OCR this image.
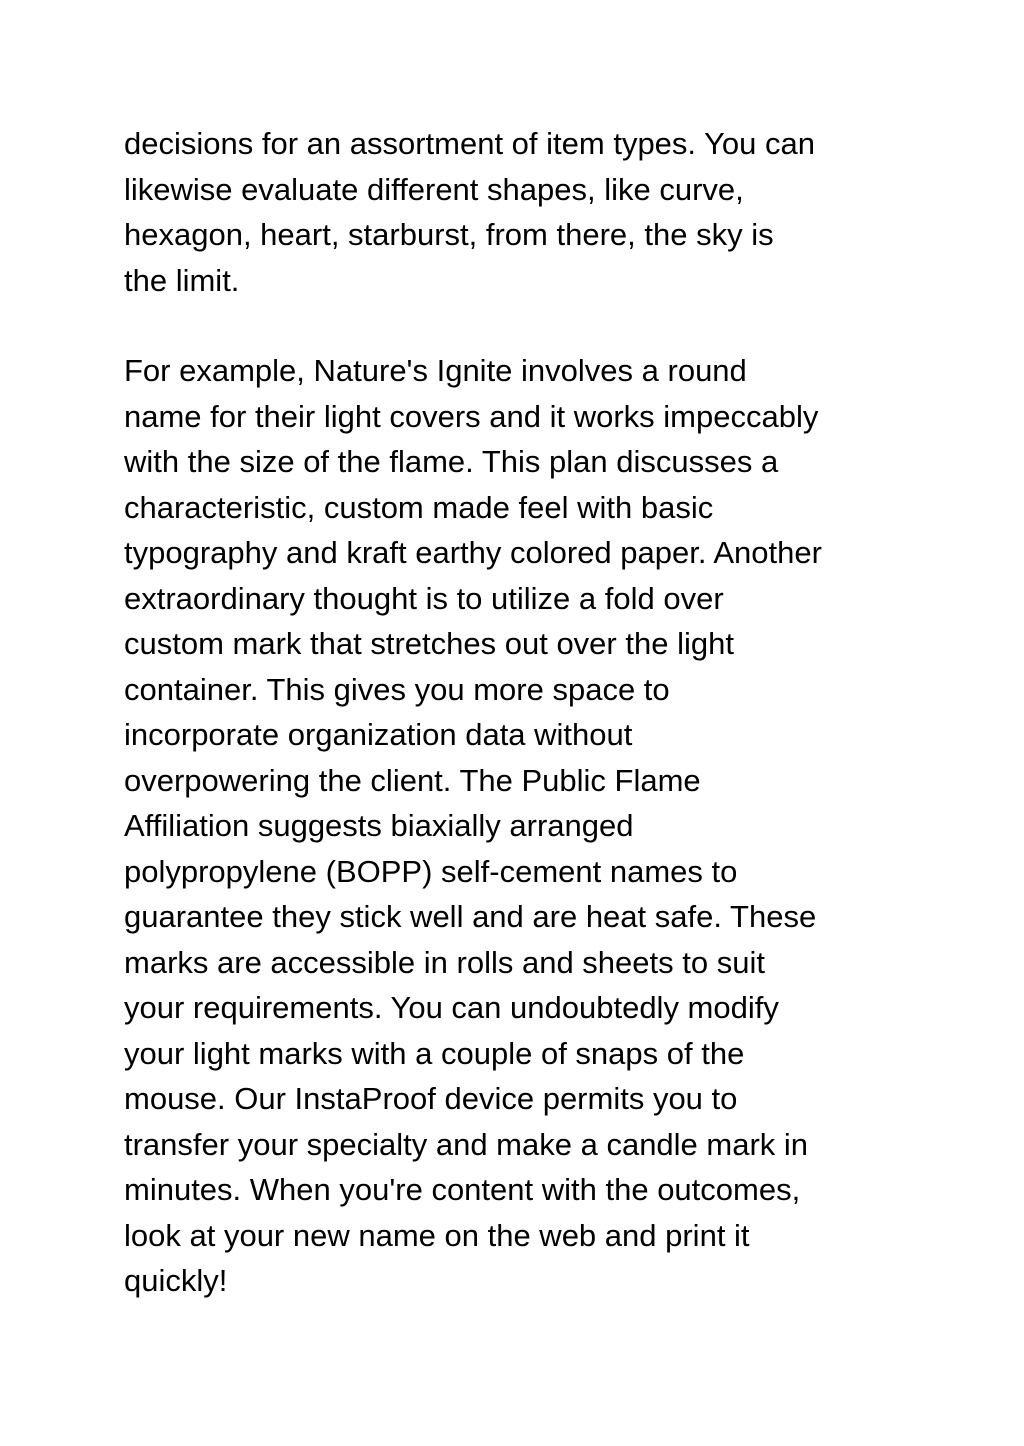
decisions for an assortment of item types. You can
likewise evaluate different shapes, like curve,
hexagon, heart, starburst, from there, the sky is
the limit.
For example, Nature's Ignite involves a round
name for their light covers and it works impeccably
with the size of the flame. This plan discusses a
characteristic, custom made feel with basic
typography and kraft earthy colored paper. Another
extraordinary thought is to utilize a fold over
custom mark that stretches out over the light
container. This gives you more space to
incorporate organization data without
overpowering the client. The Public Flame
Affiliation suggests biaxially arranged
polypropylene (BOPP) self-cement names to
guarantee they stick well and are heat safe. These
marks are accessible in rolls and sheets to suit
your requirements. You can undoubtedly modify
your light marks with a couple of snaps of the
mouse. Our InstaProof device permits you to
transfer your specialty and make a candle mark in
minutes. When you're content with the outcomes,
look at your new name on the web and print it
quickly!
